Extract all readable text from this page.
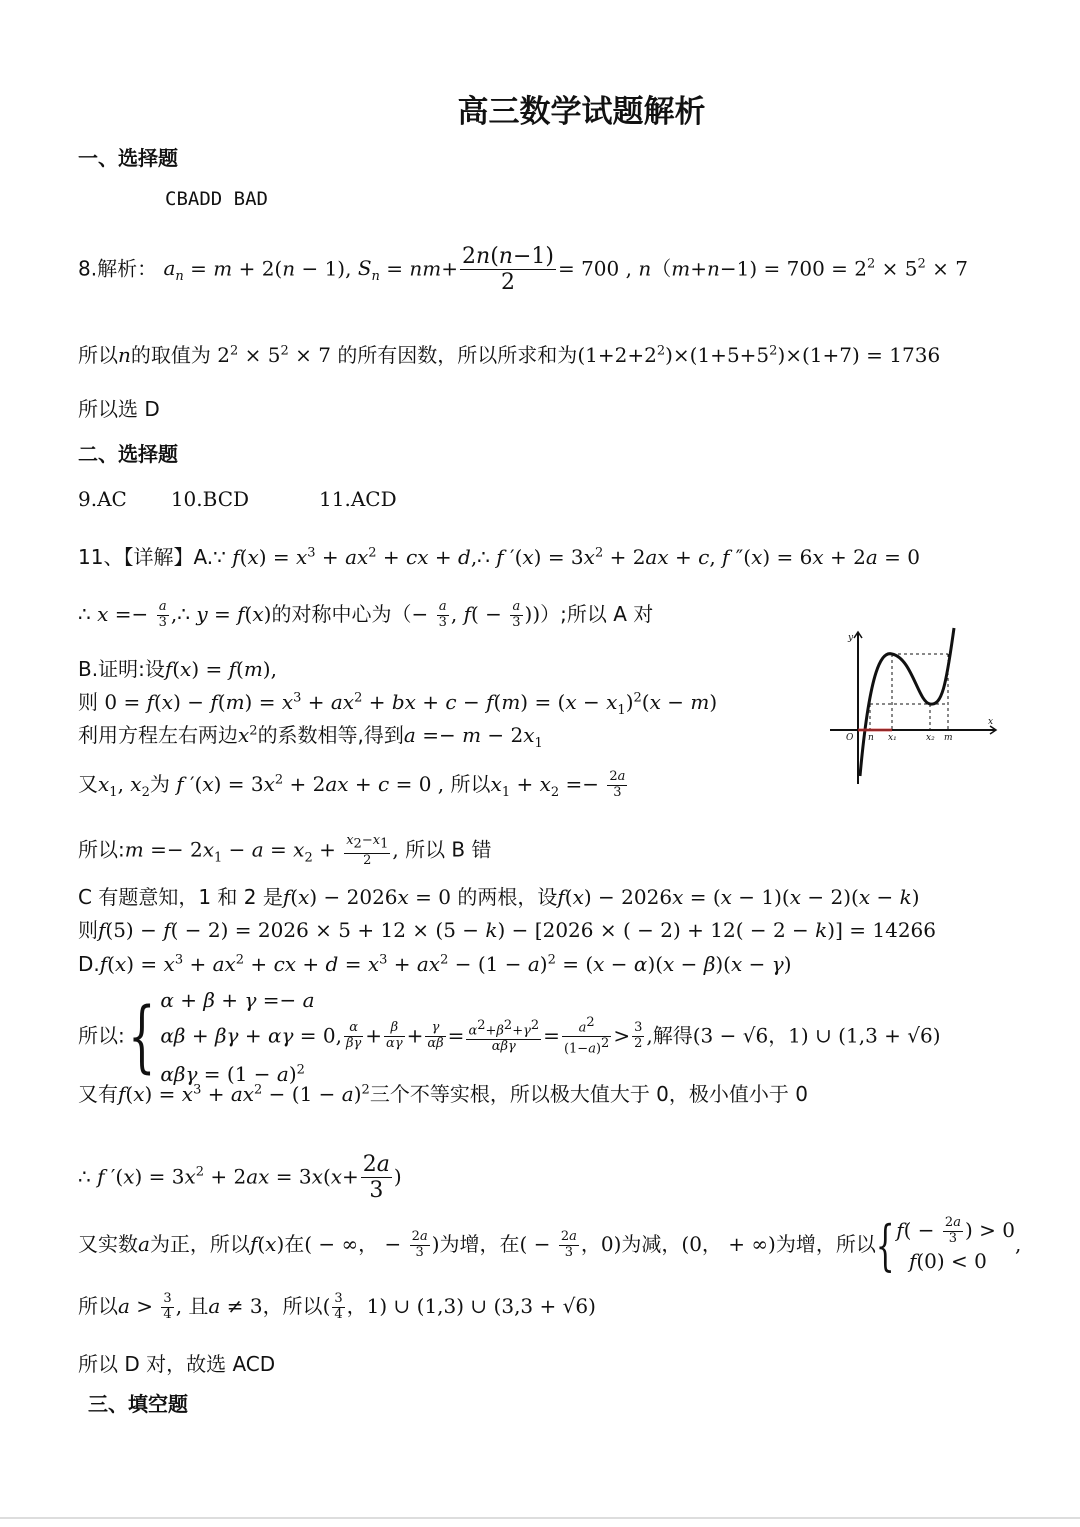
高三数学试题解析
一、选择题
CBADD BAD
8.解析： $a_n = m + 2(n - 1)$, $S_n = nm+ \frac{2n(n-1)}{2} = 700$ , $n(m+n-1) = 700 = 2^2 \times 5^2 \times 7$
所以n的取值为 $2^2 \times 5^2 \times 7$ 的所有因数，所以所求和为$(1+2+2^2)\times(1+5+5^2)\times(1+7) = 1736$
所以选 D
二、选择题
9.AC 10.BCD	11.ACD
11、【详解】A.∵ $f(x) = x^3 + ax^2$ + cx + d,∴ f $'(x) = 3x^2 + 2ax + c$, f ″(x) = 6x + 2a = 0
∴ $x =- \frac{a}{3}$ ,∴ y = f(x)的对称中心为（− $\frac{a}{3}$ , $f( - \frac{a}{3}$ ))）;所以 A 对
B.证明:设f(x) = f(m),
则 $0 = f(x) - f(m) = x^3 + ax^2$ + bx + $c - f(m) = (x - x_1)^2(x - m)$
利用方程左右两边$x^2$的系数相等,得到$a =- m - 2x_1$
又$x_1$, $x_2$为 f $'(x) = 3x^2 + 2ax + c = 0$ , 所以$x_1 + x_2 =- \frac{2a}{3}$
所以:m =− $2x_1 - a = x_2 + \frac{x_2-x_1}{2}$ , 所以 B 错
y
x
O n x₁	x₂ m
C 有题意知，1 和 2 是f(x) − 2026x = 0 的两根，设f(x) − 2026x = (x − 1)(x − 2)(x − k)
则f(5) − f( − 2) = 2026 × 5 + 12 × (5 − k) − [2026 × ( − 2) + 12( − 2 − k)] = 14266
$D.f(x) = x^3 + ax^2$ + cx + $d = x^3 + ax^2 - (1 - a)^2 = (x - \alpha)(x - \beta)(x - \gamma)$
所以:{ α + β + γ =− a
αβ + βγ + αγ = 0, $\frac{\alpha}{\beta\gamma} + \frac{\beta}{\alpha\gamma} + \frac{\gamma}{\alpha\beta} = \frac{\alpha^2+\beta^2+\gamma^2}{\text{αβγ}} = \frac{a^2}{(1-a)^2} > \frac{3}{2}$ ,解得(3 − √6，1) ∪ (1,3 + √6)
$\alpha\beta\gamma = (1 - a)^2$
又有$f(x) = x^3 + ax^2 - (1 - a)^2$三个不等实根，所以极大值大于 0，极小值小于 0
∴ f $'(x) = 3x^2 + 2ax = 3x(x+ \frac{2a}{3}$ )
又实数a为正，所以f(x)在( − ∞， − $\frac{2a}{3}$ )为增，在( − $\frac{2a}{3}$ ，0)为减，(0， + ∞)为增，所以{ $f( - \frac{2a}{3}$ ) > 0
f(0) < 0
,
所以$a > \frac{3}{4}$ , 且a ≠ 3，所以( $\frac{3}{4}$ ，1) ∪ (1,3) ∪ (3,3 + √6)
所以 D 对，故选 ACD
三、填空题
